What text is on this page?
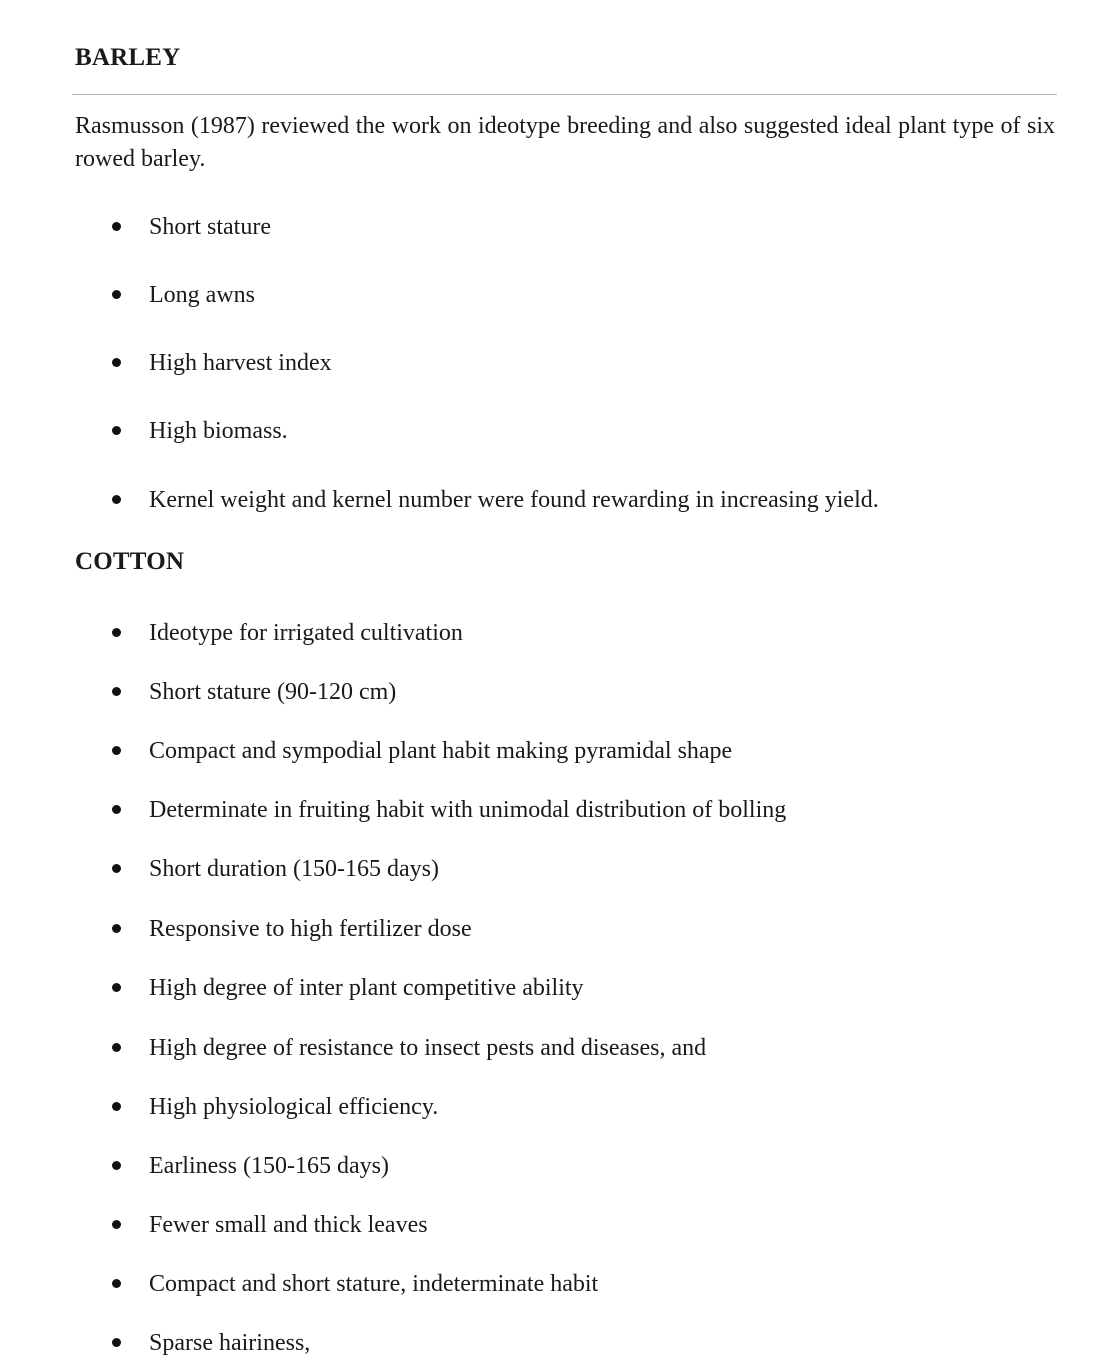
BARLEY

Rasmusson (1987) reviewed the work on ideotype breeding and also suggested ideal plant type of six rowed barley.

Short stature
Long awns
High harvest index
High biomass.
Kernel weight and kernel number were found rewarding in increasing yield.
COTTON
Ideotype for irrigated cultivation
Short stature (90-120 cm)
Compact and sympodial plant habit making pyramidal shape
Determinate in fruiting habit with unimodal distribution of bolling
Short duration (150-165 days)
Responsive to high fertilizer dose
High degree of inter plant competitive ability
High degree of resistance to insect pests and diseases, and
High physiological efficiency.
Earliness (150-165 days)
Fewer small and thick leaves
Compact and short stature, indeterminate habit
Sparse hairiness,
